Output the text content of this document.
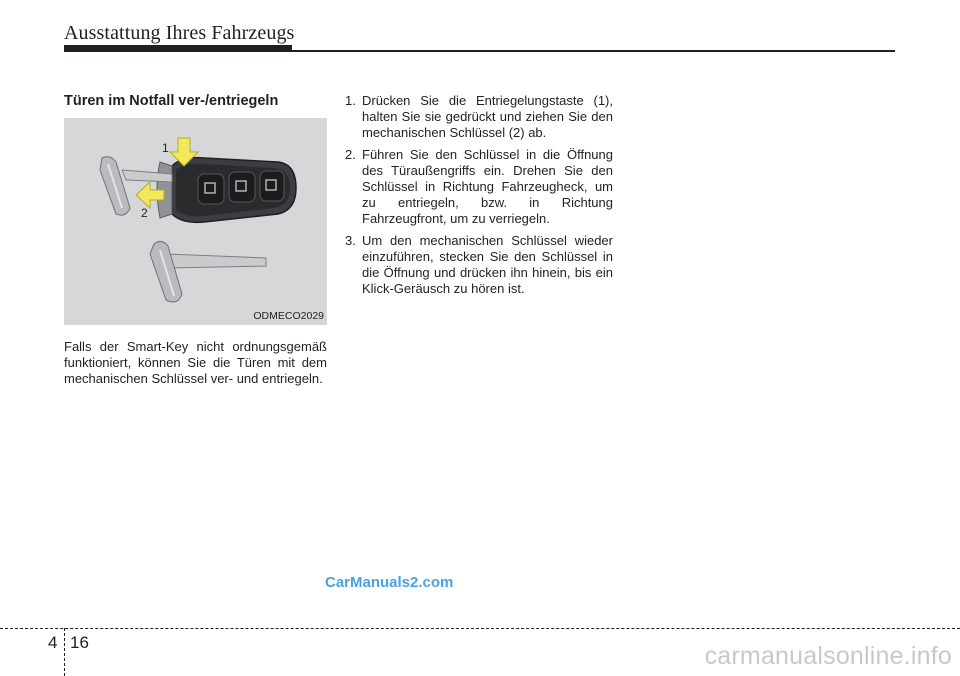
Ausstattung Ihres Fahrzeugs
Türen im Notfall ver-/entriegeln
1
2
ODMECO2029
Falls der Smart-Key nicht ordnungsgemäß funktioniert, können Sie die Türen mit dem mechanischen Schlüssel ver- und entriegeln.
1. Drücken Sie die Entriegelungstaste (1), halten Sie sie gedrückt und ziehen Sie den mechanischen Schlüssel (2) ab.
2. Führen Sie den Schlüssel in die Öffnung des Türaußengriffs ein. Drehen Sie den Schlüssel in Richtung Fahrzeugheck, um zu entriegeln, bzw. in Richtung Fahrzeugfront, um zu verriegeln.
3. Um den mechanischen Schlüssel wieder einzuführen, stecken Sie den Schlüssel in die Öffnung und drücken ihn hinein, bis ein Klick-Geräusch zu hören ist.
CarManuals2.com
4 16	carmanualsonline.info
